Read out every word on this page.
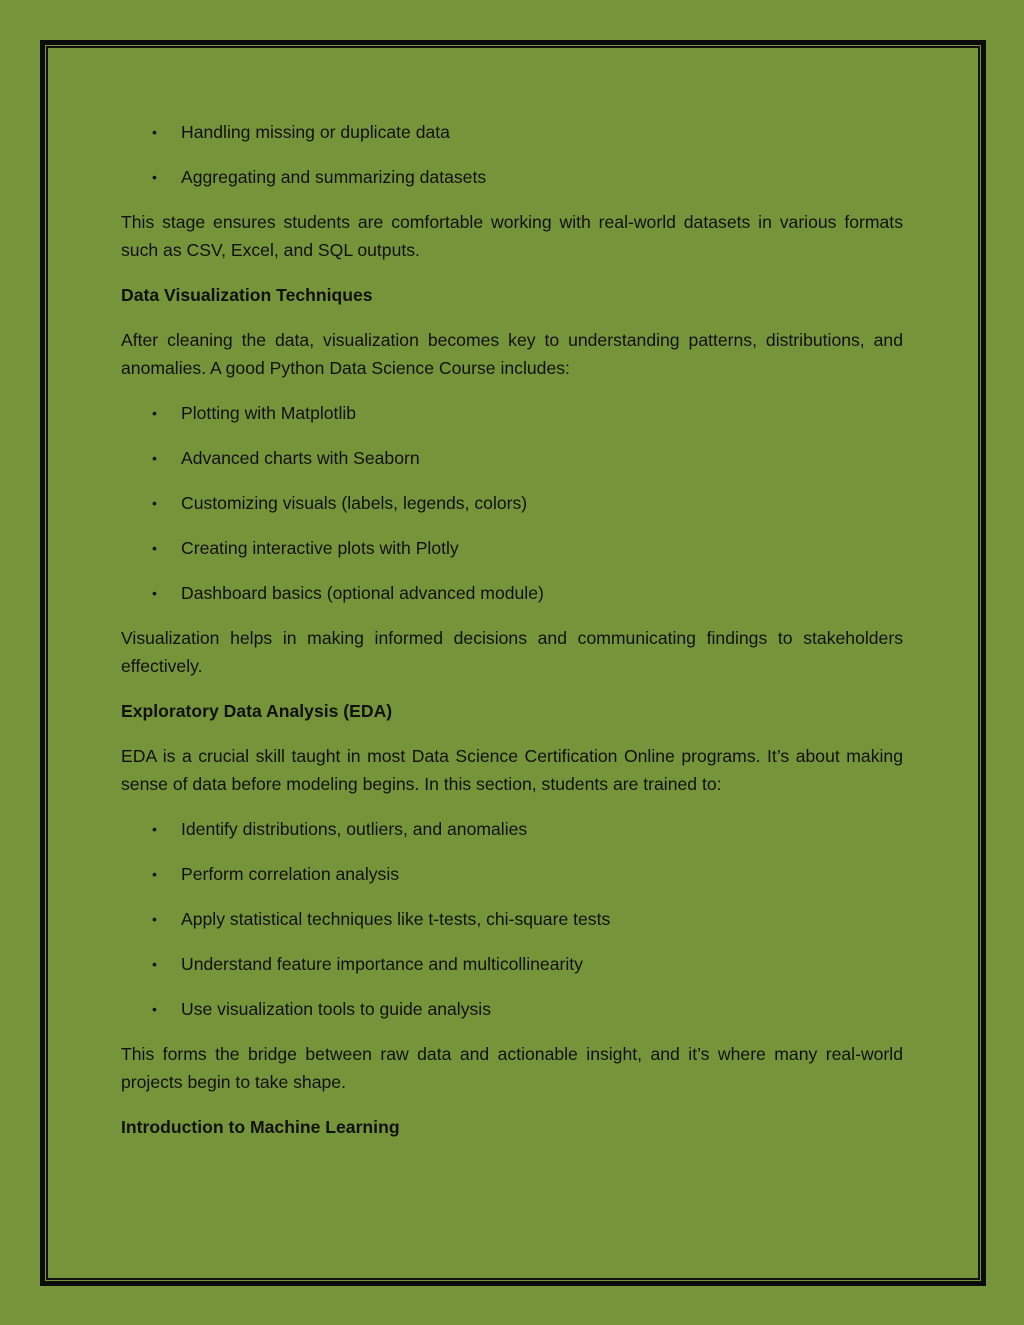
• Handling missing or duplicate data
• Aggregating and summarizing datasets

This stage ensures students are comfortable working with real-world datasets in various formats such as CSV, Excel, and SQL outputs.

Data Visualization Techniques

After cleaning the data, visualization becomes key to understanding patterns, distributions, and anomalies. A good Python Data Science Course includes:

• Plotting with Matplotlib
• Advanced charts with Seaborn
• Customizing visuals (labels, legends, colors)
• Creating interactive plots with Plotly
• Dashboard basics (optional advanced module)

Visualization helps in making informed decisions and communicating findings to stakeholders effectively.

Exploratory Data Analysis (EDA)

EDA is a crucial skill taught in most Data Science Certification Online programs. It’s about making sense of data before modeling begins. In this section, students are trained to:

• Identify distributions, outliers, and anomalies
• Perform correlation analysis
• Apply statistical techniques like t-tests, chi-square tests
• Understand feature importance and multicollinearity
• Use visualization tools to guide analysis

This forms the bridge between raw data and actionable insight, and it’s where many real-world projects begin to take shape.

Introduction to Machine Learning
